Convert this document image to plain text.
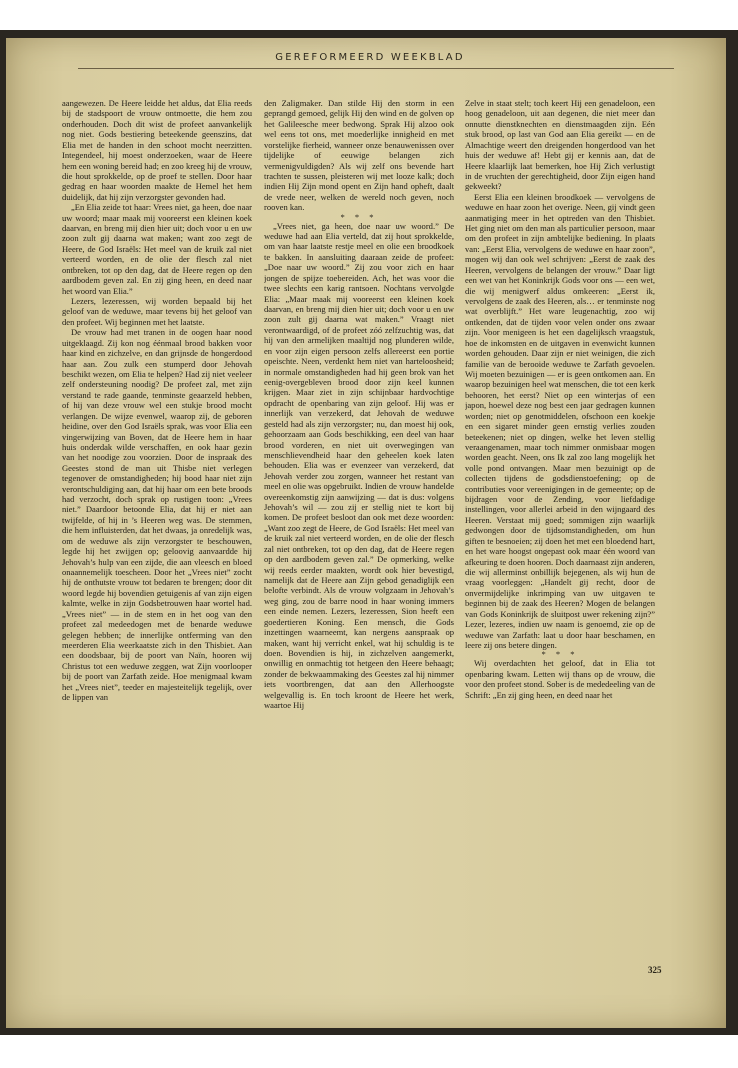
GEREFORMEERD WEEKBLAD

aangewezen. De Heere leidde het aldus, dat Elia reeds bij de stadspoort de vrouw ontmoette, die hem zou onderhouden. Doch dit wist de profeet aanvankelijk nog niet. Gods bestiering beteekende geenszins, dat Elia met de handen in den schoot mocht neerzitten. Integendeel, hij moest onderzoeken, waar de Heere hem een woning bereid had; en zoo kreeg hij de vrouw, die hout sprokkelde, op de proef te stellen. Door haar gedrag en haar woorden maakte de Hemel het hem duidelijk, dat hij zijn verzorgster gevonden had.

„En Elia zeide tot haar: Vrees niet, ga heen, doe naar uw woord; maar maak mij vooreerst een kleinen koek daarvan, en breng mij dien hier uit; doch voor u en uw zoon zult gij daarna wat maken; want zoo zegt de Heere, de God Israëls: Het meel van de kruik zal niet verteerd worden, en de olie der flesch zal niet ontbreken, tot op den dag, dat de Heere regen op den aardbodem geven zal. En zij ging heen, en deed naar het woord van Elia.”

Lezers, lezeressen, wij worden bepaald bij het geloof van de weduwe, maar tevens bij het geloof van den profeet. Wij beginnen met het laatste.

De vrouw had met tranen in de oogen haar nood uitgeklaagd. Zij kon nog éénmaal brood bakken voor haar kind en zichzelve, en dan grijnsde de hongerdood haar aan. Zou zulk een stumperd door Jehovah beschikt wezen, om Elia te helpen? Had zij niet veeleer zelf ondersteuning noodig? De profeet zal, met zijn verstand te rade gaande, tenminste geaarzeld hebben, of hij van deze vrouw wel een stukje brood mocht verlangen. De wijze evenwel, waarop zij, de geboren heidine, over den God Israëls sprak, was voor Elia een vingerwijzing van Boven, dat de Heere hem in haar huis onderdak wilde verschaffen, en ook haar gezin van het noodige zou voorzien. Door de inspraak des Geestes stond de man uit Thisbe niet verlegen tegenover de omstandigheden; hij bood haar niet zijn verontschuldiging aan, dat hij haar om een bete broods had verzocht, doch sprak op rustigen toon: „Vrees niet.” Daardoor betoonde Elia, dat hij er niet aan twijfelde, of hij in ’s Heeren weg was. De stemmen, die hem influisterden, dat het dwaas, ja onredelijk was, om de weduwe als zijn verzorgster te beschouwen, legde hij het zwijgen op; geloovig aanvaardde hij Jehovah’s hulp van een zijde, die aan vleesch en bloed onaannemelijk toescheen. Door het „Vrees niet” zocht hij de onthutste vrouw tot bedaren te brengen; door dit woord legde hij bovendien getuigenis af van zijn eigen kalmte, welke in zijn Godsbetrouwen haar wortel had. „Vrees niet” — in de stem en in het oog van den profeet zal medeedogen met de benarde weduwe gelegen hebben; de innerlijke ontferming van den meerderen Elia weerkaatste zich in den Thisbiet. Aan een doodsbaar, bij de poort van Naïn, hooren wij Christus tot een weduwe zeggen, wat Zijn voorlooper bij de poort van Zarfath zeide. Hoe menigmaal kwam het „Vrees niet”, teeder en majesteitelijk tegelijk, over de lippen van

den Zaligmaker. Dan stilde Hij den storm in een geprangd gemoed, gelijk Hij den wind en de golven op het Galileesche meer bedwong. Sprak Hij alzoo ook wel eens tot ons, met moederlijke innigheid en met vorstelijke fierheid, wanneer onze benauwenissen over tijdelijke of eeuwige belangen zich vermenigvuldigden? Als wij zelf ons bevende hart trachten te sussen, pleisteren wij met looze kalk; doch indien Hij Zijn mond opent en Zijn hand opheft, daalt de vrede neer, welken de wereld noch geven, noch rooven kan.

* * *

„Vrees niet, ga heen, doe naar uw woord.” De weduwe had aan Elia verteld, dat zij hout sprokkelde, om van haar laatste restje meel en olie een broodkoek te bakken. In aansluiting daaraan zeide de profeet: „Doe naar uw woord.” Zij zou voor zich en haar jongen de spijze toebereiden. Ach, het was voor die twee slechts een karig rantsoen. Nochtans vervolgde Elia: „Maar maak mij vooreerst een kleinen koek daarvan, en breng mij dien hier uit; doch voor u en uw zoon zult gij daarna wat maken.” Vraagt niet verontwaardigd, of de profeet zóó zelfzuchtig was, dat hij van den armelijken maaltijd nog plunderen wilde, en voor zijn eigen persoon zelfs allereerst een portie opeischte. Neen, verdenkt hem niet van harteloosheid; in normale omstandigheden had hij geen brok van het eenig-overgebleven brood door zijn keel kunnen krijgen. Maar ziet in zijn schijnbaar hardvochtige opdracht de openbaring van zijn geloof. Hij was er innerlijk van verzekerd, dat Jehovah de weduwe gesteld had als zijn verzorgster; nu, dan moest hij ook, gehoorzaam aan Gods beschikking, een deel van haar brood vorderen, en niet uit overwegingen van menschlievendheid haar den geheelen koek laten behouden. Elia was er evenzeer van verzekerd, dat Jehovah verder zou zorgen, wanneer het restant van meel en olie was opgebruikt. Indien de vrouw handelde overeenkomstig zijn aanwijzing — dat is dus: volgens Jehovah’s wil — zou zij er stellig niet te kort bij komen. De profeet besloot dan ook met deze woorden: „Want zoo zegt de Heere, de God Israëls: Het meel van de kruik zal niet verteerd worden, en de olie der flesch zal niet ontbreken, tot op den dag, dat de Heere regen op den aardbodem geven zal.” De opmerking, welke wij reeds eerder maakten, wordt ook hier bevestigd, namelijk dat de Heere aan Zijn gebod genadiglijk een belofte verbindt. Als de vrouw volgzaam in Jehovah’s weg ging, zou de barre nood in haar woning immers een einde nemen. Lezers, lezeressen, Sion heeft een goedertieren Koning. Een mensch, die Gods inzettingen waarneemt, kan nergens aanspraak op maken, want hij verricht enkel, wat hij schuldig is te doen. Bovendien is hij, in zichzelven aangemerkt, onwillig en onmachtig tot hetgeen den Heere behaagt; zonder de bekwaammaking des Geestes zal hij nimmer iets voortbrengen, dat aan den Allerhoogste welgevallig is. En toch kroont de Heere het werk, waartoe Hij

Zelve in staat stelt; toch keert Hij een genadeloon, een hoog genadeloon, uit aan degenen, die niet meer dan onnutte dienstknechten en dienstmaagden zijn. Eén stuk brood, op last van God aan Elia gereikt — en de Almachtige weert den dreigenden hongerdood van het huis der weduwe af! Hebt gij er kennis aan, dat de Heere klaarlijk laat bemerken, hoe Hij Zich verlustigt in de vruchten der gerechtigheid, door Zijn eigen hand gekweekt?

Eerst Elia een kleinen broodkoek — vervolgens de weduwe en haar zoon het overige. Neen, gij vindt geen aanmatiging meer in het optreden van den Thisbiet. Het ging niet om den man als particulier persoon, maar om den profeet in zijn ambtelijke bediening. In plaats van: „Eerst Elia, vervolgens de weduwe en haar zoon”, mogen wij dan ook wel schrijven: „Eerst de zaak des Heeren, vervolgens de belangen der vrouw.” Daar ligt een wet van het Koninkrijk Gods voor ons — een wet, die wij menigwerf aldus omkeeren: „Eerst ik, vervolgens de zaak des Heeren, als… er tenminste nog wat overblijft.” Het ware leugenachtig, zoo wij ontkenden, dat de tijden voor velen onder ons zwaar zijn. Voor menigeen is het een dagelijksch vraagstuk, hoe de inkomsten en de uitgaven in evenwicht kunnen worden gehouden. Daar zijn er niet weinigen, die zich familie van de berooide weduwe te Zarfath gevoelen. Wij moeten bezuinigen — er is geen ontkomen aan. En waarop bezuinigen heel wat menschen, die tot een kerk behooren, het eerst? Niet op een winterjas of een japon, hoewel deze nog best een jaar gedragen kunnen worden; niet op genotmiddelen, ofschoon een koekje en een sigaret minder geen ernstig verlies zouden beteekenen; niet op dingen, welke het leven stellig veraangenamen, maar toch nimmer onmisbaar mogen worden geacht. Neen, ons Ik zal zoo lang mogelijk het volle pond ontvangen. Maar men bezuinigt op de collecten tijdens de godsdienstoefening; op de contributies voor vereenigingen in de gemeente; op de bijdragen voor de Zending, voor liefdadige instellingen, voor allerlei arbeid in den wijngaard des Heeren. Verstaat mij goed; sommigen zijn waarlijk gedwongen door de tijdsomstandigheden, om hun giften te besnoeien; zij doen het met een bloedend hart, en het ware hoogst ongepast ook maar één woord van afkeuring te doen hooren. Doch daarnaast zijn anderen, die wij allerminst onbillijk bejegenen, als wij hun de vraag voorleggen: „Handelt gij recht, door de onvermijdelijke inkrimping van uw uitgaven te beginnen bij de zaak des Heeren? Mogen de belangen van Gods Koninkrijk de sluitpost uwer rekening zijn?” Lezer, lezeres, indien uw naam is genoemd, zie op de weduwe van Zarfath: laat u door haar beschamen, en leere zij ons betere dingen.

* * *

Wij overdachten het geloof, dat in Elia tot openbaring kwam. Letten wij thans op de vrouw, die voor den profeet stond. Sober is de mededeeling van de Schrift: „En zij ging heen, en deed naar het

325
